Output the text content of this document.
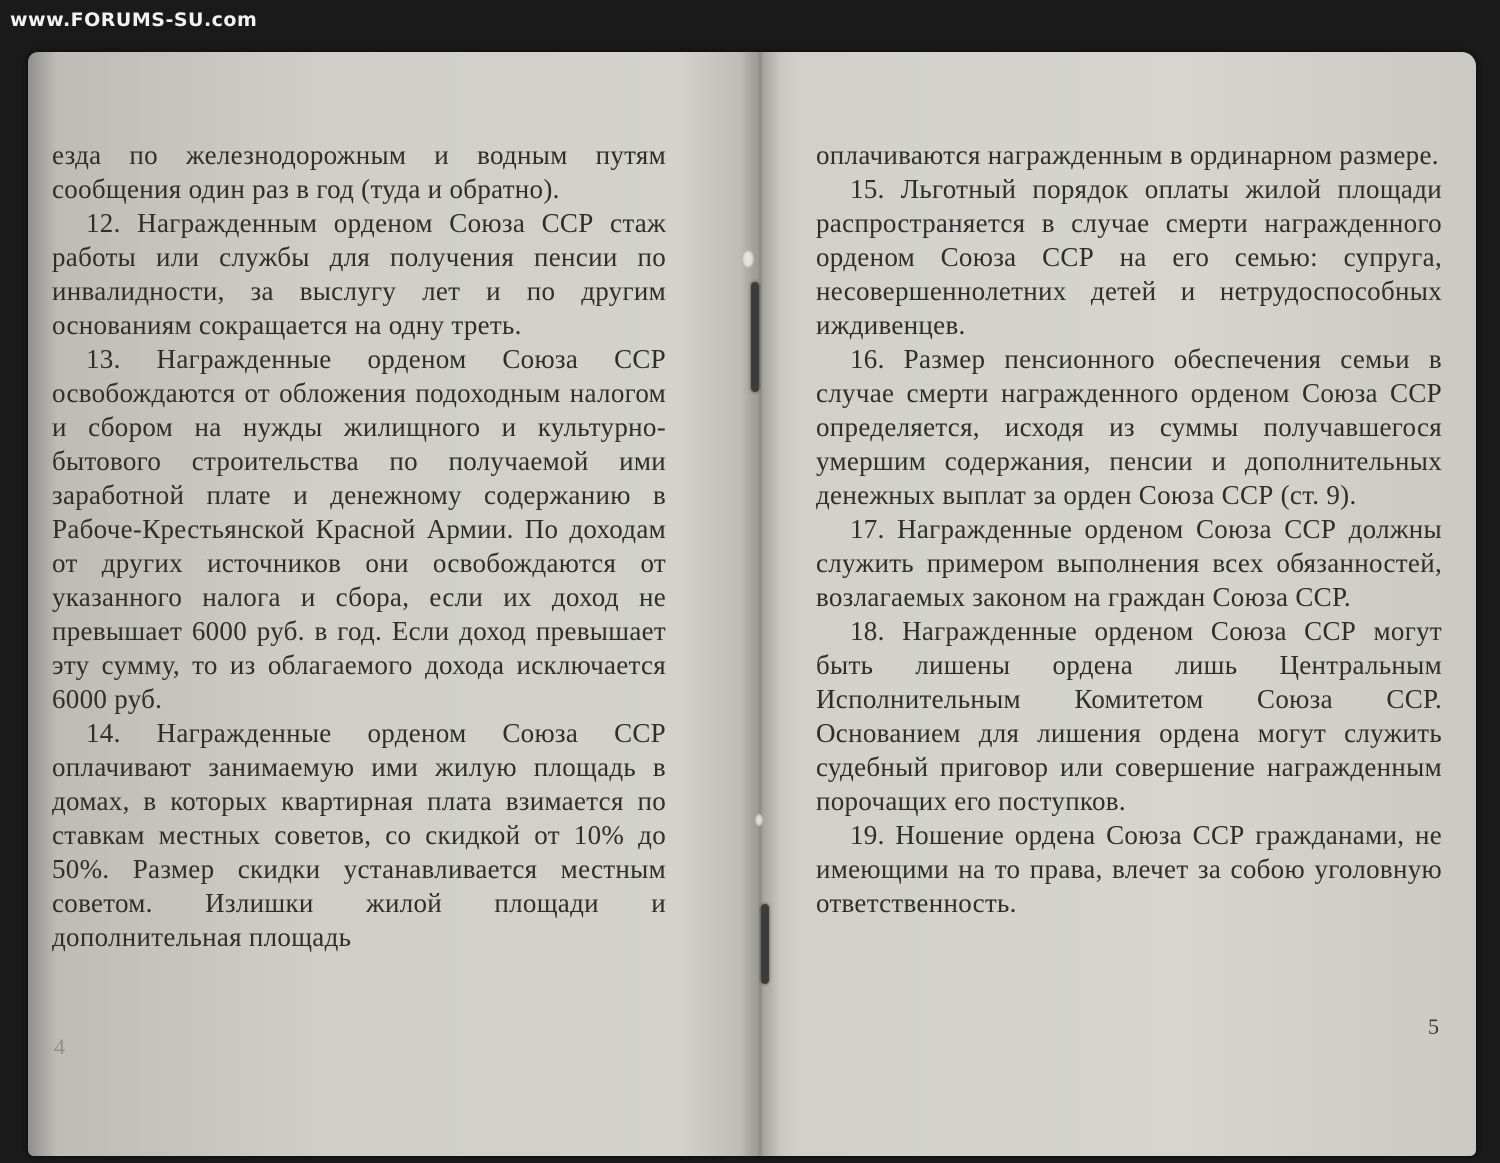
www.FORUMS-SU.com

езда по железнодорожным и водным путям сообщения один раз в год (туда и обратно).

12. Награжденным орденом Союза ССР стаж работы или службы для получения пенсии по инвалидности, за выслугу лет и по другим основаниям сокращается на одну треть.

13. Награжденные орденом Союза ССР освобождаются от обложения подоходным налогом и сбором на нужды жилищного и культурно-бытового строительства по получаемой ими заработной плате и денежному содержанию в Рабоче-Крестьянской Красной Армии. По доходам от других источников они освобождаются от указанного налога и сбора, если их доход не превышает 6000 руб. в год. Если доход превышает эту сумму, то из облагаемого дохода исключается 6000 руб.

14. Награжденные орденом Союза ССР оплачивают занимаемую ими жилую площадь в домах, в которых квартирная плата взимается по ставкам местных советов, со скидкой от 10% до 50%. Размер скидки устанавливается местным советом. Излишки жилой площади и дополнительная площадь

4

оплачиваются награжденным в ординарном размере.

15. Льготный порядок оплаты жилой площади распространяется в случае смерти награжденного орденом Союза ССР на его семью: супруга, несовершеннолетних детей и нетрудоспособных иждивенцев.

16. Размер пенсионного обеспечения семьи в случае смерти награжденного орденом Союза ССР определяется, исходя из суммы получавшегося умершим содержания, пенсии и дополнительных денежных выплат за орден Союза ССР (ст. 9).

17. Награжденные орденом Союза ССР должны служить примером выполнения всех обязанностей, возлагаемых законом на граждан Союза ССР.

18. Награжденные орденом Союза ССР могут быть лишены ордена лишь Центральным Исполнительным Комитетом Союза ССР. Основанием для лишения ордена могут служить судебный приговор или совершение награжденным порочащих его поступков.

19. Ношение ордена Союза ССР гражданами, не имеющими на то права, влечет за собою уголовную ответственность.

5
